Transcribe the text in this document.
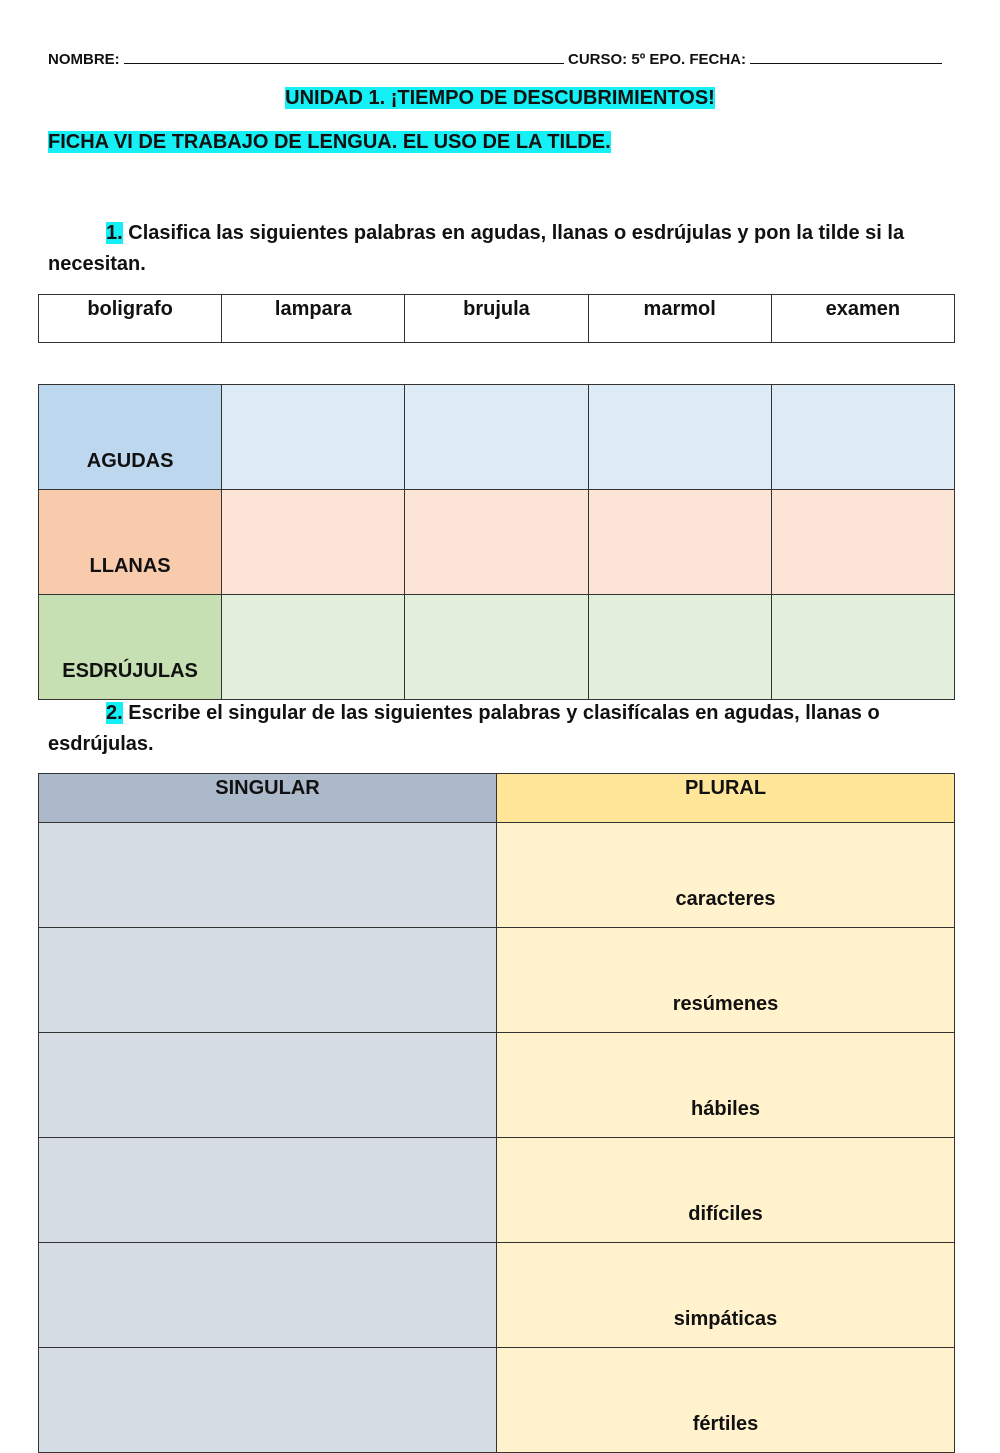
NOMBRE:	CURSO: 5º EPO. FECHA:
UNIDAD 1. ¡TIEMPO DE DESCUBRIMIENTOS!
FICHA VI DE TRABAJO DE LENGUA. EL USO DE LA TILDE.
1. Clasifica las siguientes palabras en agudas, llanas o esdrújulas y pon la tilde si la necesitan.
boligrafo	lampara	brujula	marmol	examen
AGUDAS				
LLANAS				
ESDRÚJULAS				
2. Escribe el singular de las siguientes palabras y clasifícalas en agudas, llanas o esdrújulas.
SINGULAR	PLURAL
	caracteres
	resúmenes
	hábiles
	difíciles
	simpáticas
	fértiles
